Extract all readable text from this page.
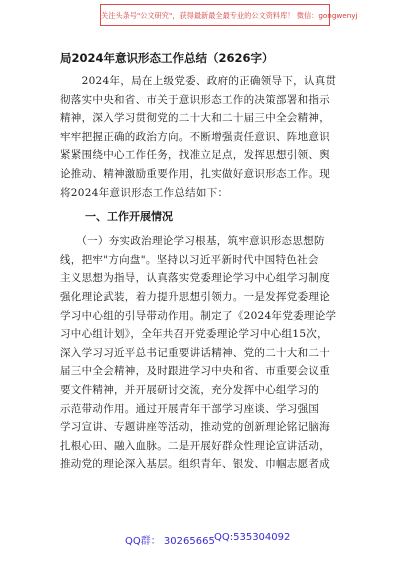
关注头条号"公文研究"，获得最新最全最专业的公文资料库！ 微信：gongwenyj
局2024年意识形态工作总结（2626字）

　　2024年，局在上级党委、政府的正确领导下，认真贯
彻落实中央和省、市关于意识形态工作的决策部署和指示
精神，深入学习贯彻党的二十大和二十届三中全会精神，
牢牢把握正确的政治方向。不断增强责任意识、阵地意识
紧紧围绕中心工作任务，找准立足点，发挥思想引领、舆
论推动、精神激励重要作用，扎实做好意识形态工作。现
将2024年意识形态工作总结如下：

一、工作开展情况

　　（一）夯实政治理论学习根基，筑牢意识形态思想防
线，把牢"方向盘"。坚持以习近平新时代中国特色社会
主义思想为指导，认真落实党委理论学习中心组学习制度
强化理论武装，着力提升思想引领力。一是发挥党委理论
学习中心组的引导带动作用。制定了《2024年党委理论学
习中心组计划》，全年共召开党委理论学习中心组15次，
深入学习习近平总书记重要讲话精神、党的二十大和二十
届三中全会精神，及时跟进学习中央和省、市重要会议重
要文件精神，并开展研讨交流，充分发挥中心组学习的
示范带动作用。通过开展青年干部学习座谈、学习强国
学习宣讲、专题讲座等活动，推动党的创新理论铭记脑海
扎根心田、融入血脉。二是开展好群众性理论宣讲活动，
推动党的理论深入基层。组织青年、银发、巾帼志愿者成

QQ群： 30265665 QQ:535304092
